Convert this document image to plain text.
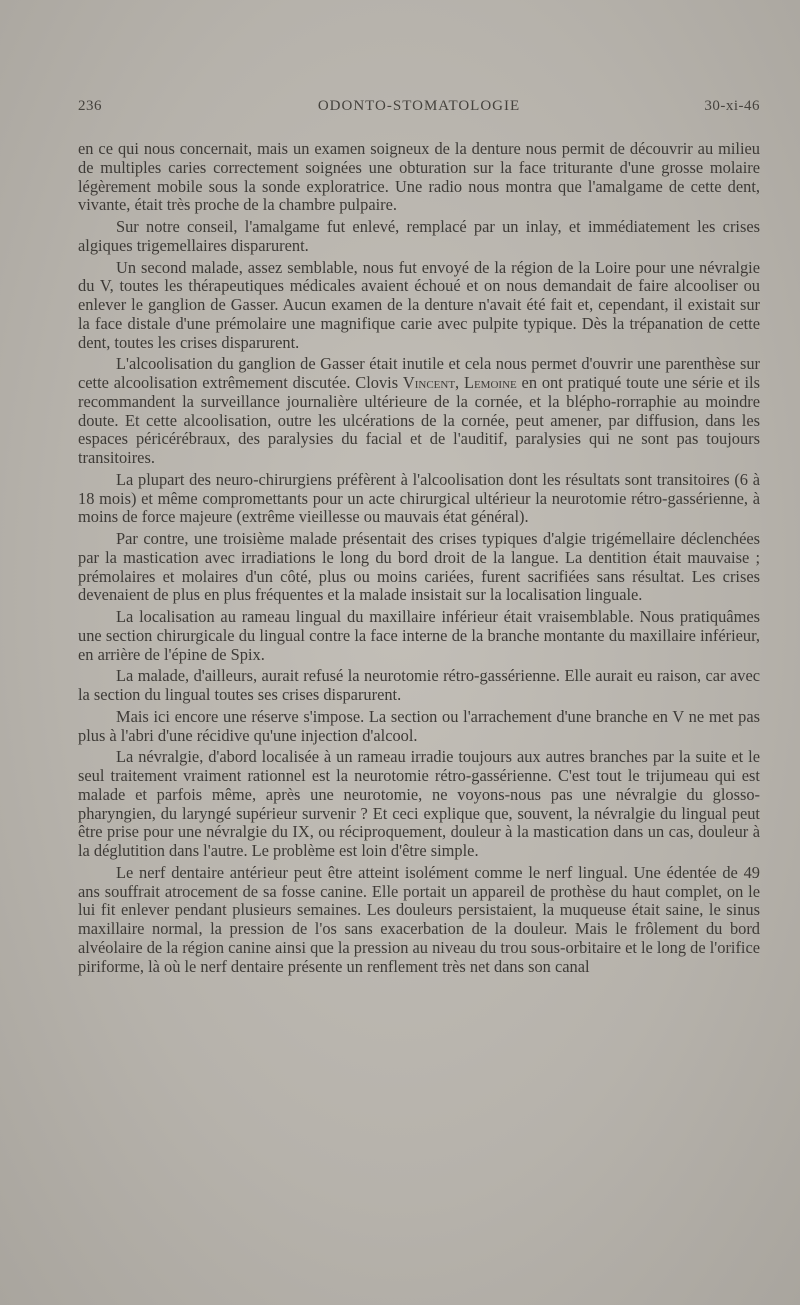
236	ODONTO-STOMATOLOGIE	30-xi-46

en ce qui nous concernait, mais un examen soigneux de la denture nous permit de découvrir au milieu de multiples caries correctement soignées une obturation sur la face triturante d'une grosse molaire légèrement mobile sous la sonde exploratrice. Une radio nous montra que l'amalgame de cette dent, vivante, était très proche de la chambre pulpaire.

Sur notre conseil, l'amalgame fut enlevé, remplacé par un inlay, et immédiatement les crises algiques trigemellaires disparurent.

Un second malade, assez semblable, nous fut envoyé de la région de la Loire pour une névralgie du V, toutes les thérapeutiques médicales avaient échoué et on nous demandait de faire alcooliser ou enlever le ganglion de Gasser. Aucun examen de la denture n'avait été fait et, cependant, il existait sur la face distale d'une prémolaire une magnifique carie avec pulpite typique. Dès la trépanation de cette dent, toutes les crises disparurent.

L'alcoolisation du ganglion de Gasser était inutile et cela nous permet d'ouvrir une parenthèse sur cette alcoolisation extrêmement discutée. Clovis Vincent, Lemoine en ont pratiqué toute une série et ils recommandent la surveillance journalière ultérieure de la cornée, et la blépho-rorraphie au moindre doute. Et cette alcoolisation, outre les ulcérations de la cornée, peut amener, par diffusion, dans les espaces péricérébraux, des paralysies du facial et de l'auditif, paralysies qui ne sont pas toujours transitoires.

La plupart des neuro-chirurgiens préfèrent à l'alcoolisation dont les résultats sont transitoires (6 à 18 mois) et même compromettants pour un acte chirurgical ultérieur la neurotomie rétro-gassérienne, à moins de force majeure (extrême vieillesse ou mauvais état général).

Par contre, une troisième malade présentait des crises typiques d'algie trigémellaire déclenchées par la mastication avec irradiations le long du bord droit de la langue. La dentition était mauvaise ; prémolaires et molaires d'un côté, plus ou moins cariées, furent sacrifiées sans résultat. Les crises devenaient de plus en plus fréquentes et la malade insistait sur la localisation linguale.

La localisation au rameau lingual du maxillaire inférieur était vraisemblable. Nous pratiquâmes une section chirurgicale du lingual contre la face interne de la branche montante du maxillaire inférieur, en arrière de l'épine de Spix.

La malade, d'ailleurs, aurait refusé la neurotomie rétro-gassérienne. Elle aurait eu raison, car avec la section du lingual toutes ses crises disparurent.

Mais ici encore une réserve s'impose. La section ou l'arrachement d'une branche en V ne met pas plus à l'abri d'une récidive qu'une injection d'alcool.

La névralgie, d'abord localisée à un rameau irradie toujours aux autres branches par la suite et le seul traitement vraiment rationnel est la neurotomie rétro-gassérienne. C'est tout le trijumeau qui est malade et parfois même, après une neurotomie, ne voyons-nous pas une névralgie du glosso-pharyngien, du laryngé supérieur survenir ? Et ceci explique que, souvent, la névralgie du lingual peut être prise pour une névralgie du IX, ou réciproquement, douleur à la mastication dans un cas, douleur à la déglutition dans l'autre. Le problème est loin d'être simple.

Le nerf dentaire antérieur peut être atteint isolément comme le nerf lingual. Une édentée de 49 ans souffrait atrocement de sa fosse canine. Elle portait un appareil de prothèse du haut complet, on le lui fit enlever pendant plusieurs semaines. Les douleurs persistaient, la muqueuse était saine, le sinus maxillaire normal, la pression de l'os sans exacerbation de la douleur. Mais le frôlement du bord alvéolaire de la région canine ainsi que la pression au niveau du trou sous-orbitaire et le long de l'orifice piriforme, là où le nerf dentaire présente un renflement très net dans son canal
